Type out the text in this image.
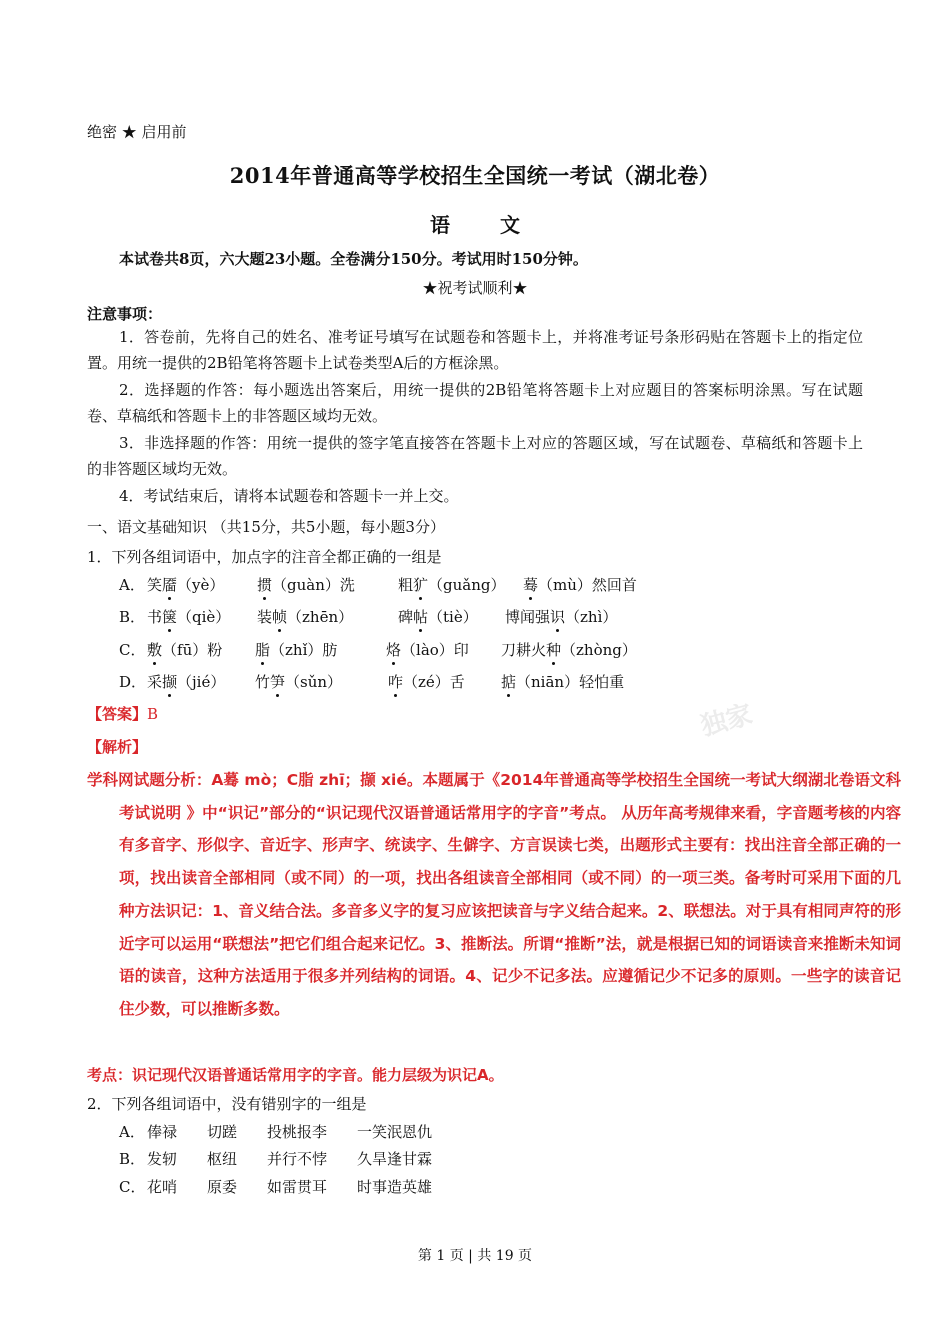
独家
绝密 ★ 启用前
2014年普通高等学校招生全国统一考试（湖北卷）
语	文
本试卷共8页，六大题23小题。全卷满分150分。考试用时150分钟。
★祝考试顺利★
注意事项：
1．答卷前，先将自己的姓名、准考证号填写在试题卷和答题卡上，并将准考证号条形码贴在答题卡上的指定位置。用统一提供的2B铅笔将答题卡上试卷类型A后的方框涂黑。
2．选择题的作答：每小题选出答案后，用统一提供的2B铅笔将答题卡上对应题目的答案标明涂黑。写在试题卷、草稿纸和答题卡上的非答题区域均无效。
3．非选择题的作答：用统一提供的签字笔直接答在答题卡上对应的答题区域，写在试题卷、草稿纸和答题卡上的非答题区域均无效。
4．考试结束后，请将本试题卷和答题卡一并上交。
一、语文基础知识 （共15分，共5小题，每小题3分）
1．下列各组词语中，加点字的注音全都正确的一组是
A． 笑靥（yè） 掼（guàn）洗	粗犷（guǎng） 蓦（mù）然回首
B． 书箧（qiè） 装帧（zhēn）	碑帖（tiè） 博闻强识（zhì）
C． 敷（fū）粉 脂（zhǐ）肪	烙（lào）印 刀耕火种（zhòng）
D． 采撷（jié） 竹笋（sǔn）	咋（zé）舌 掂（niān）轻怕重
【答案】B
【解析】
学科网试题分析：A蓦 mò；C脂 zhī；撷 xié。本题属于《2014年普通高等学校招生全国统一考试大纲湖北卷语文科考试说明 》中“识记”部分的“识记现代汉语普通话常用字的字音”考点。 从历年高考规律来看，字音题考核的内容有多音字、形似字、音近字、形声字、统读字、生僻字、方言误读七类，出题形式主要有：找出注音全部正确的一项，找出读音全部相同（或不同）的一项，找出各组读音全部相同（或不同）的一项三类。备考时可采用下面的几种方法识记：1、音义结合法。多音多义字的复习应该把读音与字义结合起来。2、联想法。对于具有相同声符的形近字可以运用“联想法”把它们组合起来记忆。3、推断法。所谓“推断”法，就是根据已知的词语读音来推断未知词语的读音，这种方法适用于很多并列结构的词语。4、记少不记多法。应遵循记少不记多的原则。一些字的读音记住少数，可以推断多数。
考点：识记现代汉语普通话常用字的字音。能力层级为识记A。
2．下列各组词语中，没有错别字的一组是
A． 俸禄 切蹉 投桃报李 一笑泯恩仇
B． 发轫 枢纽 并行不悖 久旱逢甘霖
C． 花哨 原委 如雷贯耳 时事造英雄
第 1 页 | 共 19 页
